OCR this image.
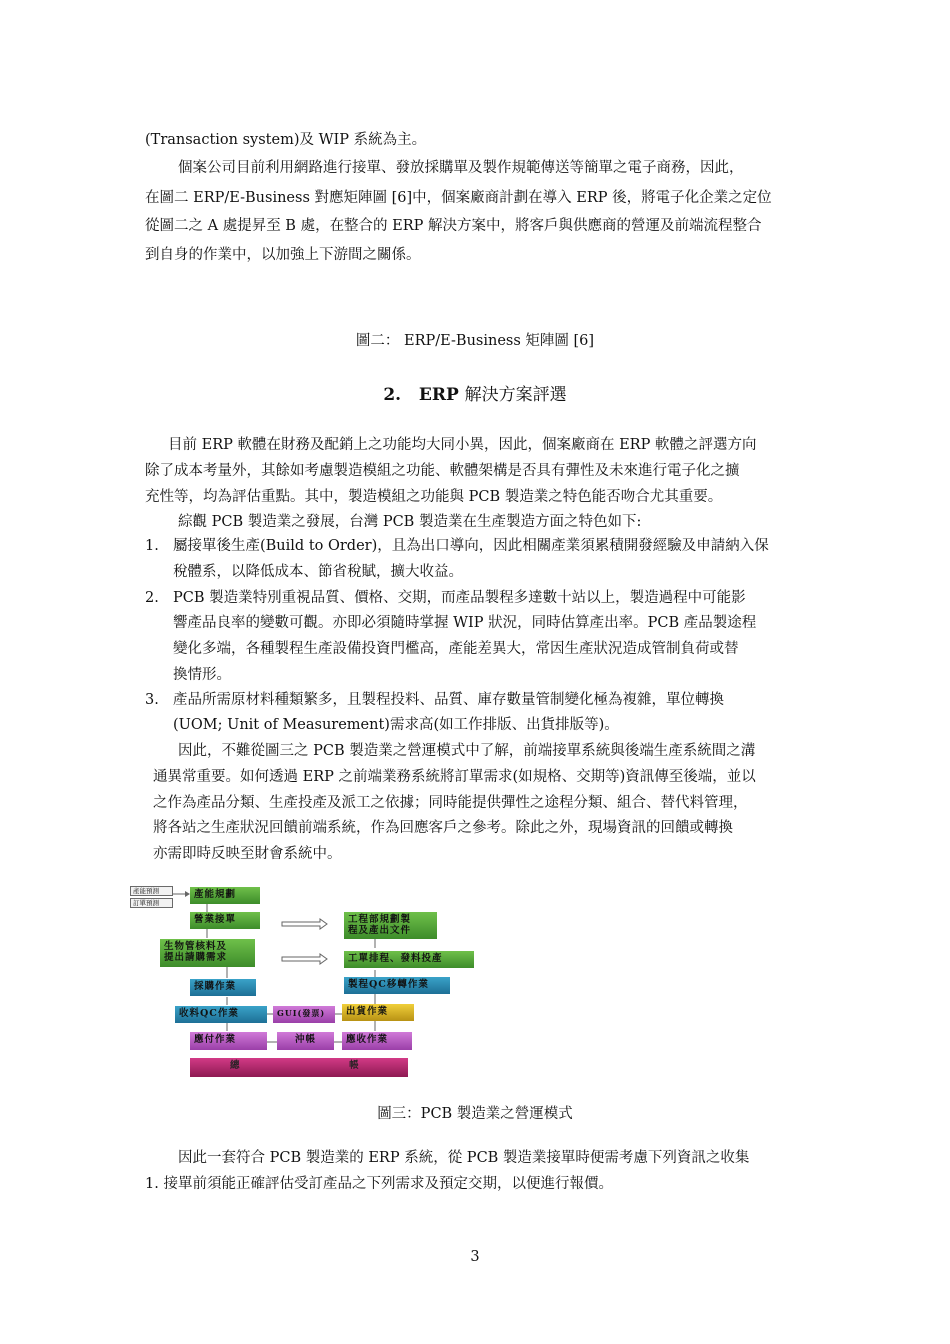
(Transaction system)及 WIP 系統為主。
個案公司目前利用網路進行接單、發放採購單及製作規範傳送等簡單之電子商務，因此，
在圖二 ERP/E-Business 對應矩陣圖 [6]中，個案廠商計劃在導入 ERP 後，將電子化企業之定位
從圖二之 A 處提昇至 B 處，在整合的 ERP 解決方案中，將客戶與供應商的營運及前端流程整合
到自身的作業中，以加強上下游間之關係。
圖二： ERP/E-Business 矩陣圖 [6]
2. ERP 解決方案評選
目前 ERP 軟體在財務及配銷上之功能均大同小異，因此，個案廠商在 ERP 軟體之評選方向
除了成本考量外，其餘如考慮製造模組之功能、軟體架構是否具有彈性及未來進行電子化之擴
充性等，均為評估重點。其中，製造模組之功能與 PCB 製造業之特色能否吻合尤其重要。
綜觀 PCB 製造業之發展，台灣 PCB 製造業在生產製造方面之特色如下:
1. 屬接單後生產(Build to Order)，且為出口導向，因此相關產業須累積開發經驗及申請納入保
稅體系，以降低成本、節省稅賦，擴大收益。
2. PCB 製造業特別重視品質、價格、交期，而產品製程多達數十站以上，製造過程中可能影
響產品良率的變數可觀。亦即必須隨時掌握 WIP 狀況，同時估算產出率。PCB 產品製途程
變化多端，各種製程生產設備投資門檻高，產能差異大，常因生產狀況造成管制負荷或替
換情形。
3. 產品所需原材料種類繁多，且製程投料、品質、庫存數量管制變化極為複雜，單位轉換
(UOM; Unit of Measurement)需求高(如工作排版、出貨排版等)。
因此，不難從圖三之 PCB 製造業之營運模式中了解，前端接單系統與後端生產系統間之溝
通異常重要。如何透過 ERP 之前端業務系統將訂單需求(如規格、交期等)資訊傳至後端，並以
之作為產品分類、生產投產及派工之依據；同時能提供彈性之途程分類、組合、替代料管理，
將各站之生產狀況回饋前端系統，作為回應客戶之參考。除此之外，現場資訊的回饋或轉換
亦需即時反映至財會系統中。
產能預測
訂單預測
產能規劃
營業接單	工程部規劃製
程及產出文件
生物管核料及
提出請購需求	工單排程、發料投產
採購作業	製程QC移轉作業
收料QC作業	GUI(發票)	出貨作業
應付作業	沖帳	應收作業
總	帳
圖三：PCB 製造業之營運模式
因此一套符合 PCB 製造業的 ERP 系統，從 PCB 製造業接單時便需考慮下列資訊之收集
1. 接單前須能正確評估受訂產品之下列需求及預定交期，以便進行報價。
3
